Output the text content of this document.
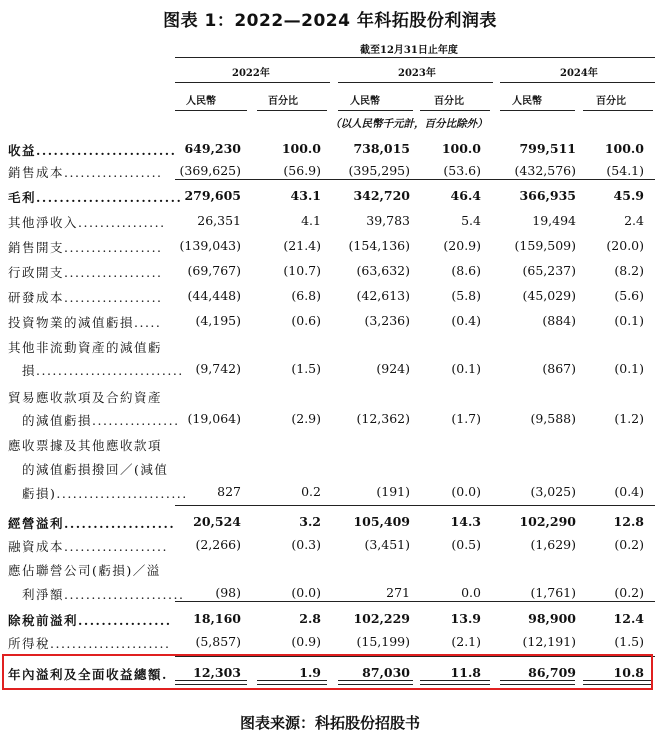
图表 1：2022—2024 年科拓股份利润表
截至12月31日止年度
2022年	2023年	2024年
人民幣	百分比	人民幣	百分比	人民幣	百分比
（以人民幣千元計，百分比除外）
收益........................ 649,230	100.0	738,015	100.0	799,511	100.0
銷售成本..................	(369,625)	(56.9)	(395,295)	(53.6)	(432,576)	(54.1)
毛利......................... 279,605	43.1	342,720	46.4	366,935	45.9
其他淨收入................	26,351	4.1	39,783	5.4	19,494	2.4
銷售開支..................	(139,043)	(21.4)	(154,136)	(20.9)	(159,509)	(20.0)
行政開支..................	(69,767)	(10.7)	(63,632)	(8.6)	(65,237)	(8.2)
研發成本..................	(44,448)	(6.8)	(42,613)	(5.8)	(45,029)	(5.6)
投資物業的減值虧損.....	(4,195)	(0.6)	(3,236)	(0.4)	(884)	(0.1)
其他非流動資產的減值虧
　損........................... (9,742)	(1.5)	(924)	(0.1)	(867)	(0.1)
貿易應收款項及合約資產
　的減值虧損................ (19,064)	(2.9)	(12,362)	(1.7)	(9,588)	(1.2)
應收票據及其他應收款項
　的減值虧損撥回／(減值
　虧損)........................	827	0.2	(191)	(0.0)	(3,025)	(0.4)
經營溢利...................	20,524	3.2	105,409	14.3	102,290	12.8
融資成本...................	(2,266)	(0.3)	(3,451)	(0.5)	(1,629)	(0.2)
應佔聯營公司(虧損)／溢
　利淨額......................	(98)	(0.0)	271	0.0	(1,761)	(0.2)
除稅前溢利................	18,160	2.8	102,229	13.9	98,900	12.4
所得稅......................	(5,857)	(0.9)	(15,199)	(2.1)	(12,191)	(1.5)
年內溢利及全面收益總額.	12,303	1.9	87,030	11.8	86,709	10.8
图表来源：科拓股份招股书
